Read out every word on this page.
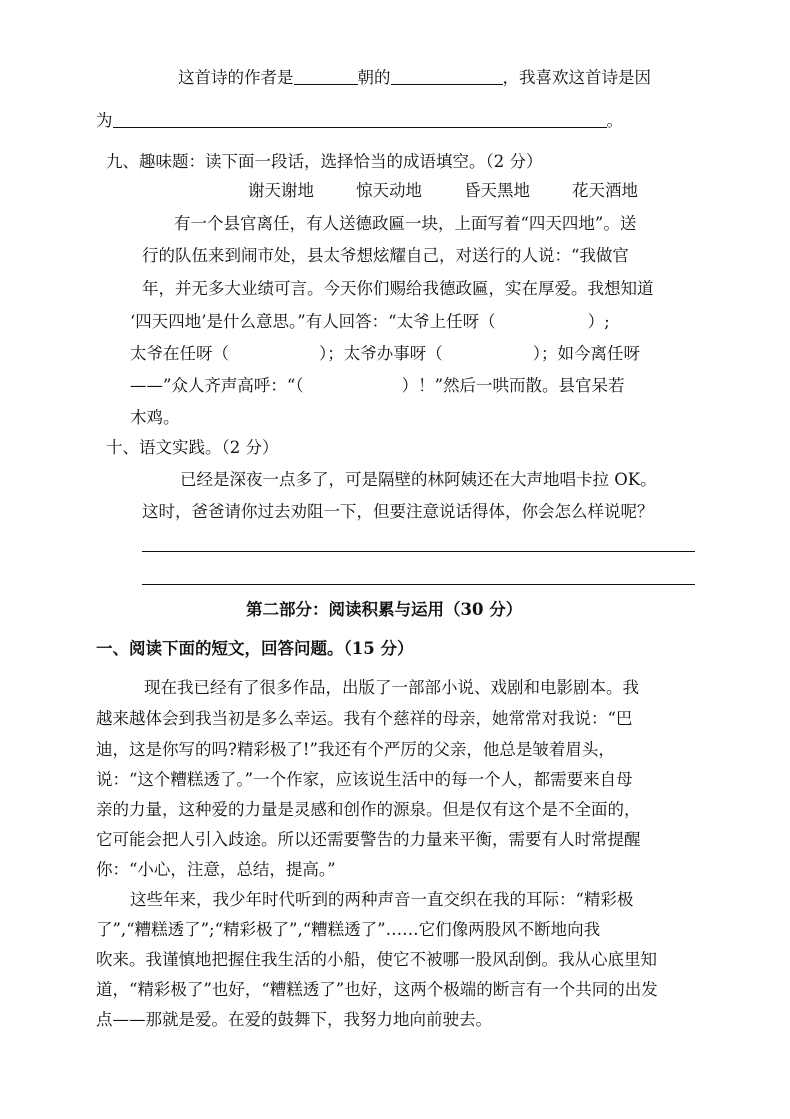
这首诗的作者是	朝的	，我喜欢这首诗是因
为	。
九、趣味题：读下面一段话，选择恰当的成语填空。（2 分）
谢天谢地	惊天动地	昏天黑地	花天酒地
有一个县官离任，有人送德政匾一块，上面写着“四天四地”。送
行的队伍来到闹市处，县太爷想炫耀自己，对送行的人说：“我做官
年，并无多大业绩可言。今天你们赐给我德政匾，实在厚爱。我想知道
‘四天四地’是什么意思。”有人回答：“太爷上任呀（	）;
太爷在任呀（	）；太爷办事呀（	）；如今离任呀
——”众人齐声高呼：“（	）！”然后一哄而散。县官呆若
木鸡。
十、语文实践。（2 分）
已经是深夜一点多了，可是隔壁的林阿姨还在大声地唱卡拉 OK。
这时，爸爸请你过去劝阻一下，但要注意说话得体，你会怎么样说呢？
第二部分：阅读积累与运用（30 分）
一、阅读下面的短文，回答问题。（15 分）
现在我已经有了很多作品，出版了一部部小说、戏剧和电影剧本。我
越来越体会到我当初是多么幸运。我有个慈祥的母亲，她常常对我说：“巴
迪，这是你写的吗?精彩极了!”我还有个严厉的父亲，他总是皱着眉头，
说：“这个糟糕透了。”一个作家，应该说生活中的每一个人，都需要来自母
亲的力量，这种爱的力量是灵感和创作的源泉。但是仅有这个是不全面的，
它可能会把人引入歧途。所以还需要警告的力量来平衡，需要有人时常提醒
你：“小心，注意，总结，提高。”
这些年来，我少年时代听到的两种声音一直交织在我的耳际：“精彩极
了”,“糟糕透了”;“精彩极了”,“糟糕透了”……它们像两股风不断地向我
吹来。我谨慎地把握住我生活的小船，使它不被哪一股风刮倒。我从心底里知
道，“精彩极了”也好，“糟糕透了”也好，这两个极端的断言有一个共同的出发
点——那就是爱。在爱的鼓舞下，我努力地向前驶去。
